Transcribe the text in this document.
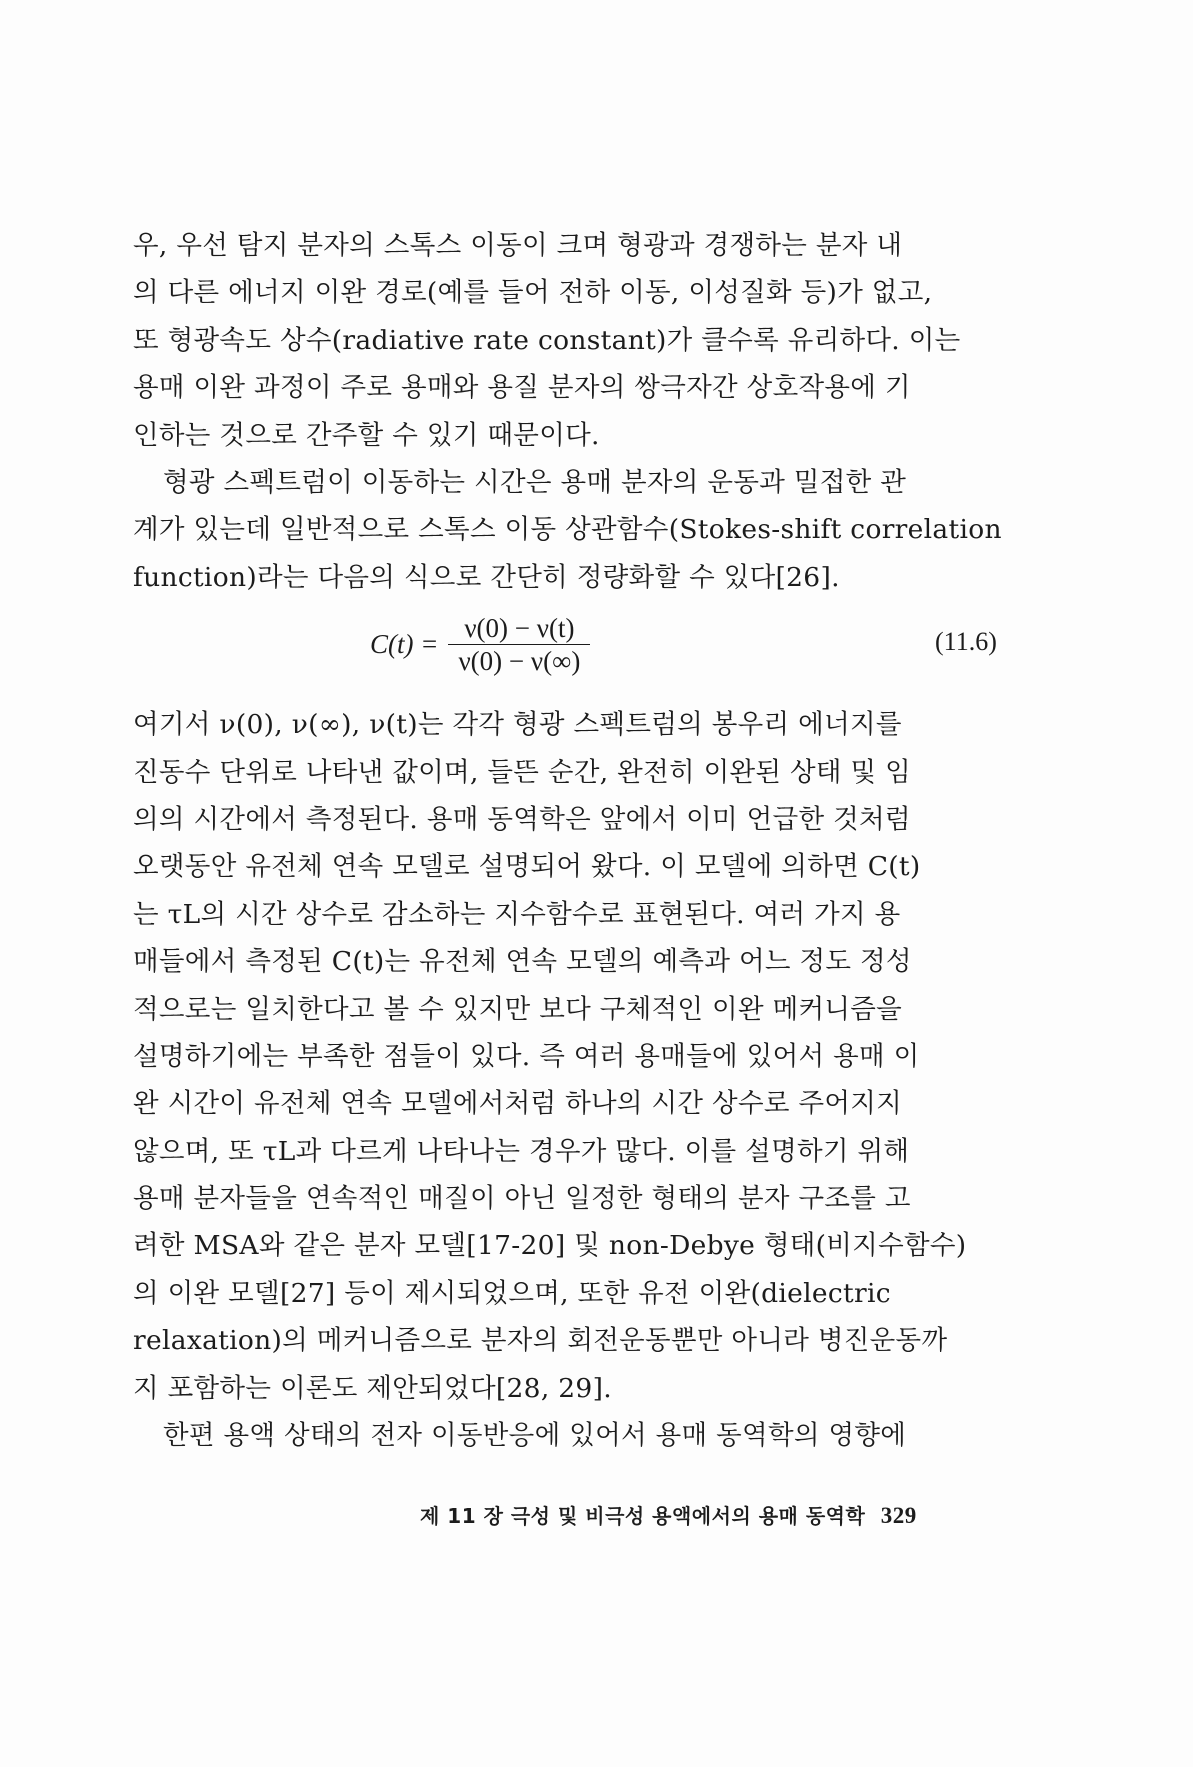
우, 우선 탐지 분자의 스톡스 이동이 크며 형광과 경쟁하는 분자 내
의 다른 에너지 이완 경로(예를 들어 전하 이동, 이성질화 등)가 없고,
또 형광속도 상수(radiative rate constant)가 클수록 유리하다. 이는
용매 이완 과정이 주로 용매와 용질 분자의 쌍극자간 상호작용에 기
인하는 것으로 간주할 수 있기 때문이다.
형광 스펙트럼이 이동하는 시간은 용매 분자의 운동과 밀접한 관
계가 있는데 일반적으로 스톡스 이동 상관함수(Stokes-shift correlation
function)라는 다음의 식으로 간단히 정량화할 수 있다[26].
$C(t) = \frac{\nu(0) - \nu(t)}{\nu(0) - \nu(\infty)}$	(11.6)
여기서 ν(0), ν(∞), ν(t)는 각각 형광 스펙트럼의 봉우리 에너지를
진동수 단위로 나타낸 값이며, 들뜬 순간, 완전히 이완된 상태 및 임
의의 시간에서 측정된다. 용매 동역학은 앞에서 이미 언급한 것처럼
오랫동안 유전체 연속 모델로 설명되어 왔다. 이 모델에 의하면 C(t)
는 τL의 시간 상수로 감소하는 지수함수로 표현된다. 여러 가지 용
매들에서 측정된 C(t)는 유전체 연속 모델의 예측과 어느 정도 정성
적으로는 일치한다고 볼 수 있지만 보다 구체적인 이완 메커니즘을
설명하기에는 부족한 점들이 있다. 즉 여러 용매들에 있어서 용매 이
완 시간이 유전체 연속 모델에서처럼 하나의 시간 상수로 주어지지
않으며, 또 τL과 다르게 나타나는 경우가 많다. 이를 설명하기 위해
용매 분자들을 연속적인 매질이 아닌 일정한 형태의 분자 구조를 고
려한 MSA와 같은 분자 모델[17-20] 및 non-Debye 형태(비지수함수)
의 이완 모델[27] 등이 제시되었으며, 또한 유전 이완(dielectric
relaxation)의 메커니즘으로 분자의 회전운동뿐만 아니라 병진운동까
지 포함하는 이론도 제안되었다[28, 29].
한편 용액 상태의 전자 이동반응에 있어서 용매 동역학의 영향에
제 11 장 극성 및 비극성 용액에서의 용매 동역학 329
